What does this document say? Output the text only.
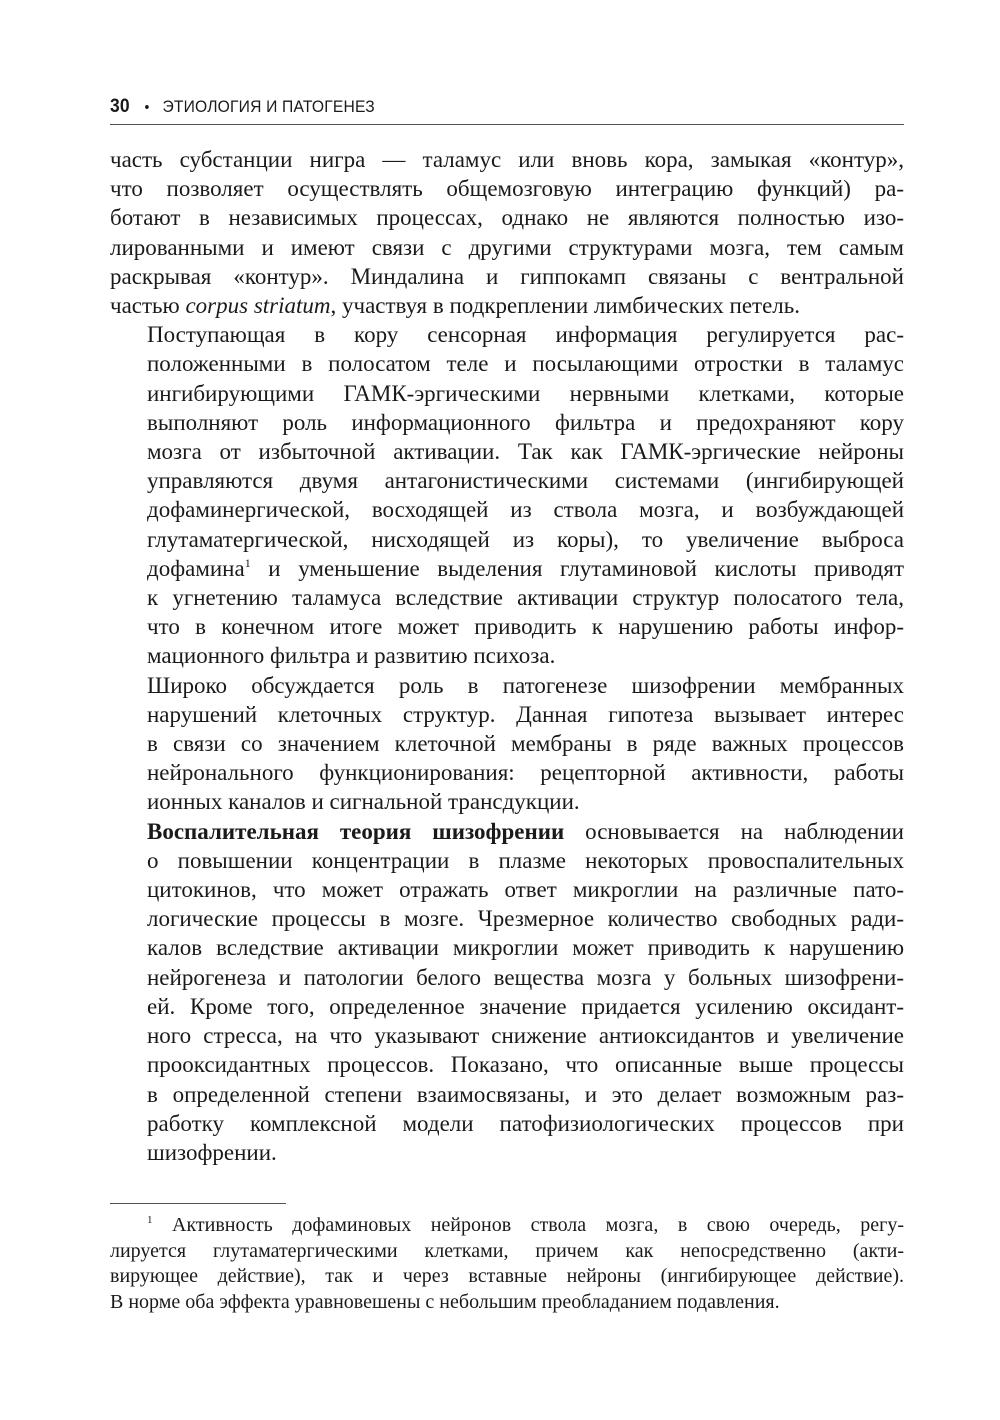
30 • ЭТИОЛОГИЯ И ПАТОГЕНЕЗ

часть субстанции нигра — таламус или вновь кора, замыкая «контур»,
что позволяет осуществлять общемозговую интеграцию функций) ра-
ботают в независимых процессах, однако не являются полностью изо-
лированными и имеют связи с другими структурами мозга, тем самым
раскрывая «контур». Миндалина и гиппокамп связаны с вентральной
частью corpus striatum, участвуя в подкреплении лимбических петель.

Поступающая в кору сенсорная информация регулируется рас-
положенными в полосатом теле и посылающими отростки в таламус
ингибирующими ГАМК-эргическими нервными клетками, которые
выполняют роль информационного фильтра и предохраняют кору
мозга от избыточной активации. Так как ГАМК-эргические нейроны
управляются двумя антагонистическими системами (ингибирующей
дофаминергической, восходящей из ствола мозга, и возбуждающей
глутаматергической, нисходящей из коры), то увеличение выброса
дофамина$^1$ и уменьшение выделения глутаминовой кислоты приводят
к угнетению таламуса вследствие активации структур полосатого тела,
что в конечном итоге может приводить к нарушению работы инфор-
мационного фильтра и развитию психоза.

Широко обсуждается роль в патогенезе шизофрении мембранных
нарушений клеточных структур. Данная гипотеза вызывает интерес
в связи со значением клеточной мембраны в ряде важных процессов
нейронального функционирования: рецепторной активности, работы
ионных каналов и сигнальной трансдукции.

Воспалительная теория шизофрении основывается на наблюдении
о повышении концентрации в плазме некоторых провоспалительных
цитокинов, что может отражать ответ микроглии на различные пато-
логические процессы в мозге. Чрезмерное количество свободных ради-
калов вследствие активации микроглии может приводить к нарушению
нейрогенеза и патологии белого вещества мозга у больных шизофрени-
ей. Кроме того, определенное значение придается усилению оксидант-
ного стресса, на что указывают снижение антиоксидантов и увеличение
прооксидантных процессов. Показано, что описанные выше процессы
в определенной степени взаимосвязаны, и это делает возможным раз-
работку комплексной модели патофизиологических процессов при
шизофрении.

$^1$ Активность дофаминовых нейронов ствола мозга, в свою очередь, регу-
лируется глутаматергическими клетками, причем как непосредственно (акти-
вирующее действие), так и через вставные нейроны (ингибирующее действие).
В норме оба эффекта уравновешены с небольшим преобладанием подавления.
